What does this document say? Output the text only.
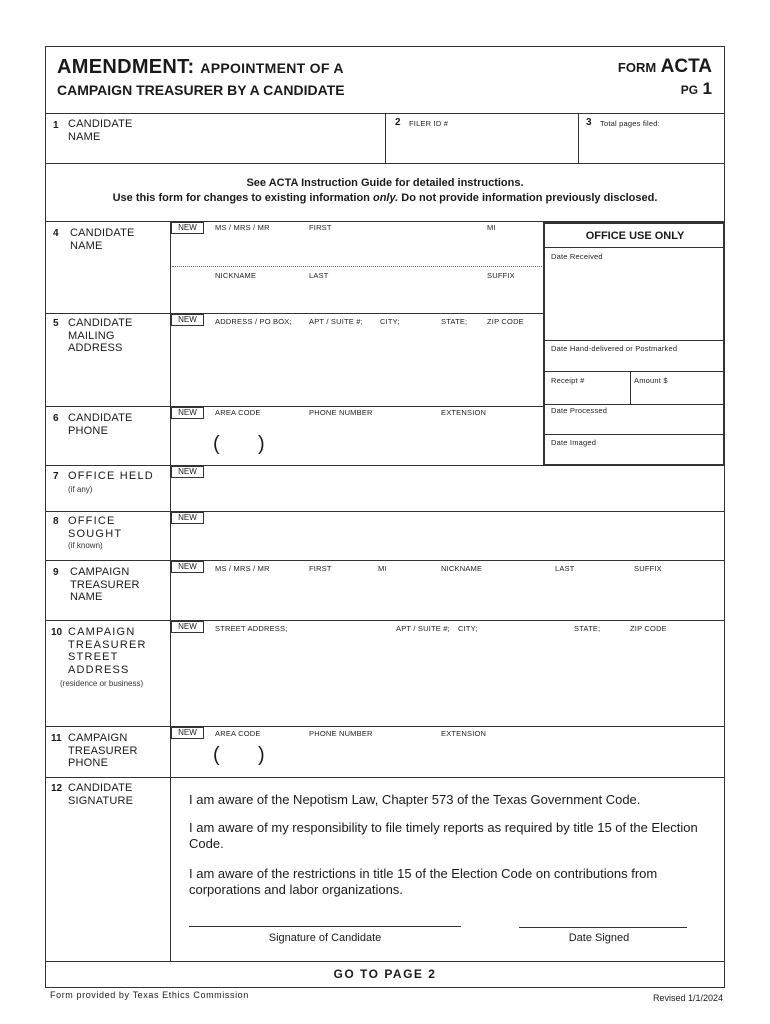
AMENDMENT: APPOINTMENT OF A
CAMPAIGN TREASURER BY A CANDIDATE
FORM ACTA
PG 1
1 CANDIDATE
NAME
2 FILER ID #	3 Total pages filed:
See ACTA Instruction Guide for detailed instructions.
Use this form for changes to existing information only. Do not provide information previously disclosed.
4 CANDIDATE
NAME
NEW	MS / MRS / MR	FIRST	MI
NICKNAME	LAST	SUFFIX
5 CANDIDATE
MAILING
ADDRESS
NEW	ADDRESS / PO BOX; APT / SUITE #; CITY;	STATE;	ZIP CODE
6 CANDIDATE
PHONE
NEW	AREA CODE	PHONE NUMBER	EXTENSION
( )
OFFICE USE ONLY
Date Received
Date Hand-delivered or Postmarked
Receipt #	Amount $
Date Processed
Date Imaged
7 OFFICE HELD
(if any)
NEW
8 OFFICE
SOUGHT
(if known)
NEW
9 CAMPAIGN
TREASURER
NAME
NEW	MS / MRS / MR	FIRST	MI	NICKNAME	LAST	SUFFIX
10 CAMPAIGN
TREASURER
STREET
ADDRESS
(residence or business)
NEW	STREET ADDRESS;	APT / SUITE #; CITY;	STATE;	ZIP CODE
11 CAMPAIGN
TREASURER
PHONE
NEW	AREA CODE	PHONE NUMBER	EXTENSION
( )
12 CANDIDATE
SIGNATURE	I am aware of the Nepotism Law, Chapter 573 of the Texas Government Code.
I am aware of my responsibility to file timely reports as required by title 15 of the Election Code.
I am aware of the restrictions in title 15 of the Election Code on contributions from corporations and labor organizations.
Signature of Candidate	Date Signed
GO TO PAGE 2
Form provided by Texas Ethics Commission	Revised 1/1/2024
